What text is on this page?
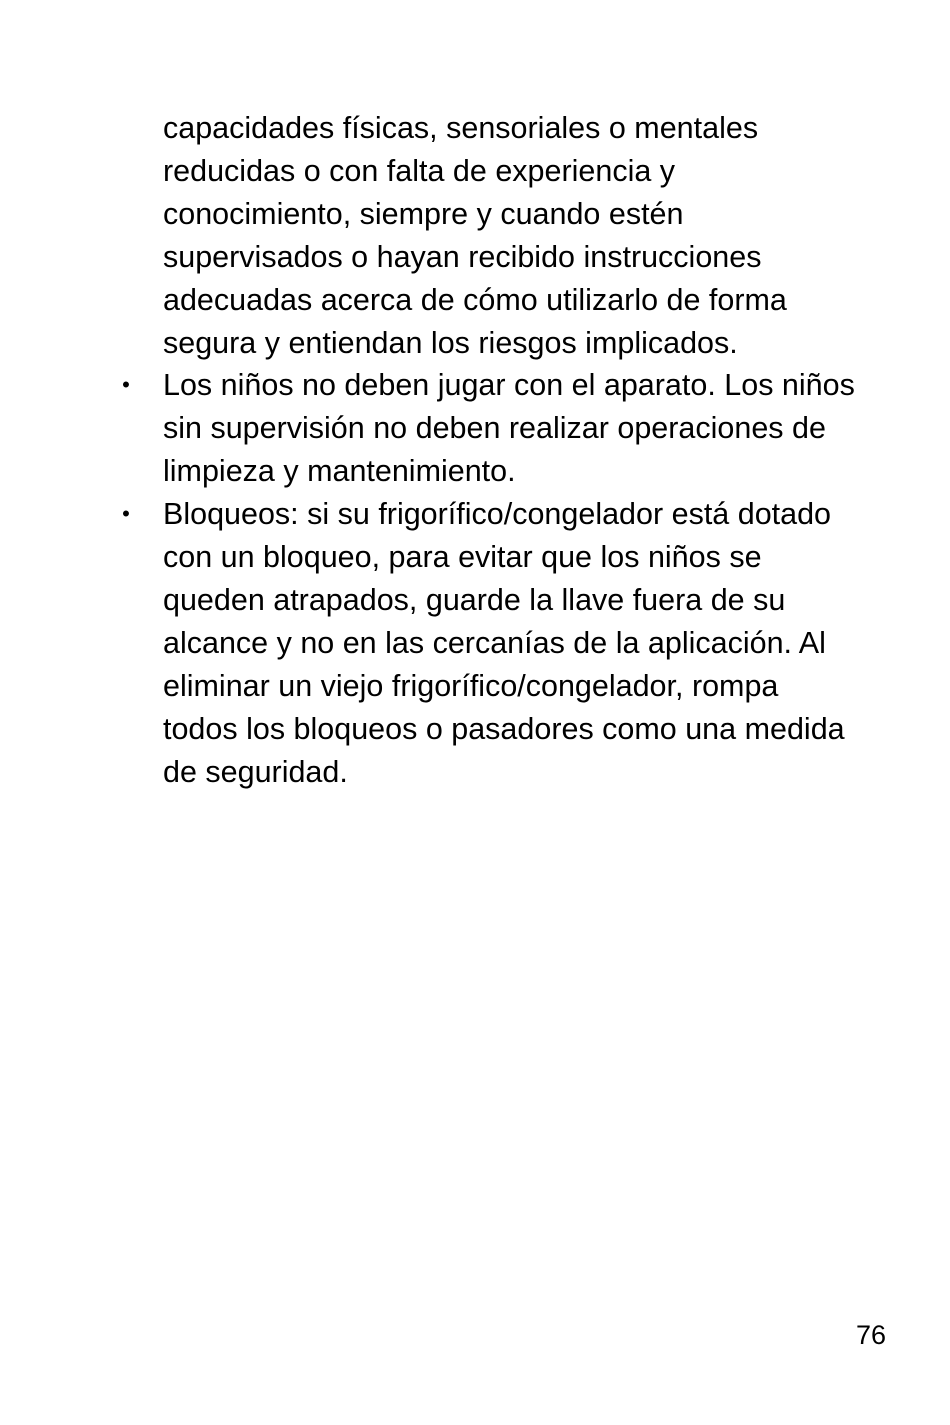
capacidades físicas, sensoriales o mentales
reducidas o con falta de experiencia y
conocimiento, siempre y cuando estén
supervisados o hayan recibido instrucciones
adecuadas acerca de cómo utilizarlo de forma
segura y entiendan los riesgos implicados.
• Los niños no deben jugar con el aparato. Los niños
sin supervisión no deben realizar operaciones de
limpieza y mantenimiento.
• Bloqueos: si su frigorífico/congelador está dotado
con un bloqueo, para evitar que los niños se
queden atrapados, guarde la llave fuera de su
alcance y no en las cercanías de la aplicación. Al
eliminar un viejo frigorífico/congelador, rompa
todos los bloqueos o pasadores como una medida
de seguridad.
76
